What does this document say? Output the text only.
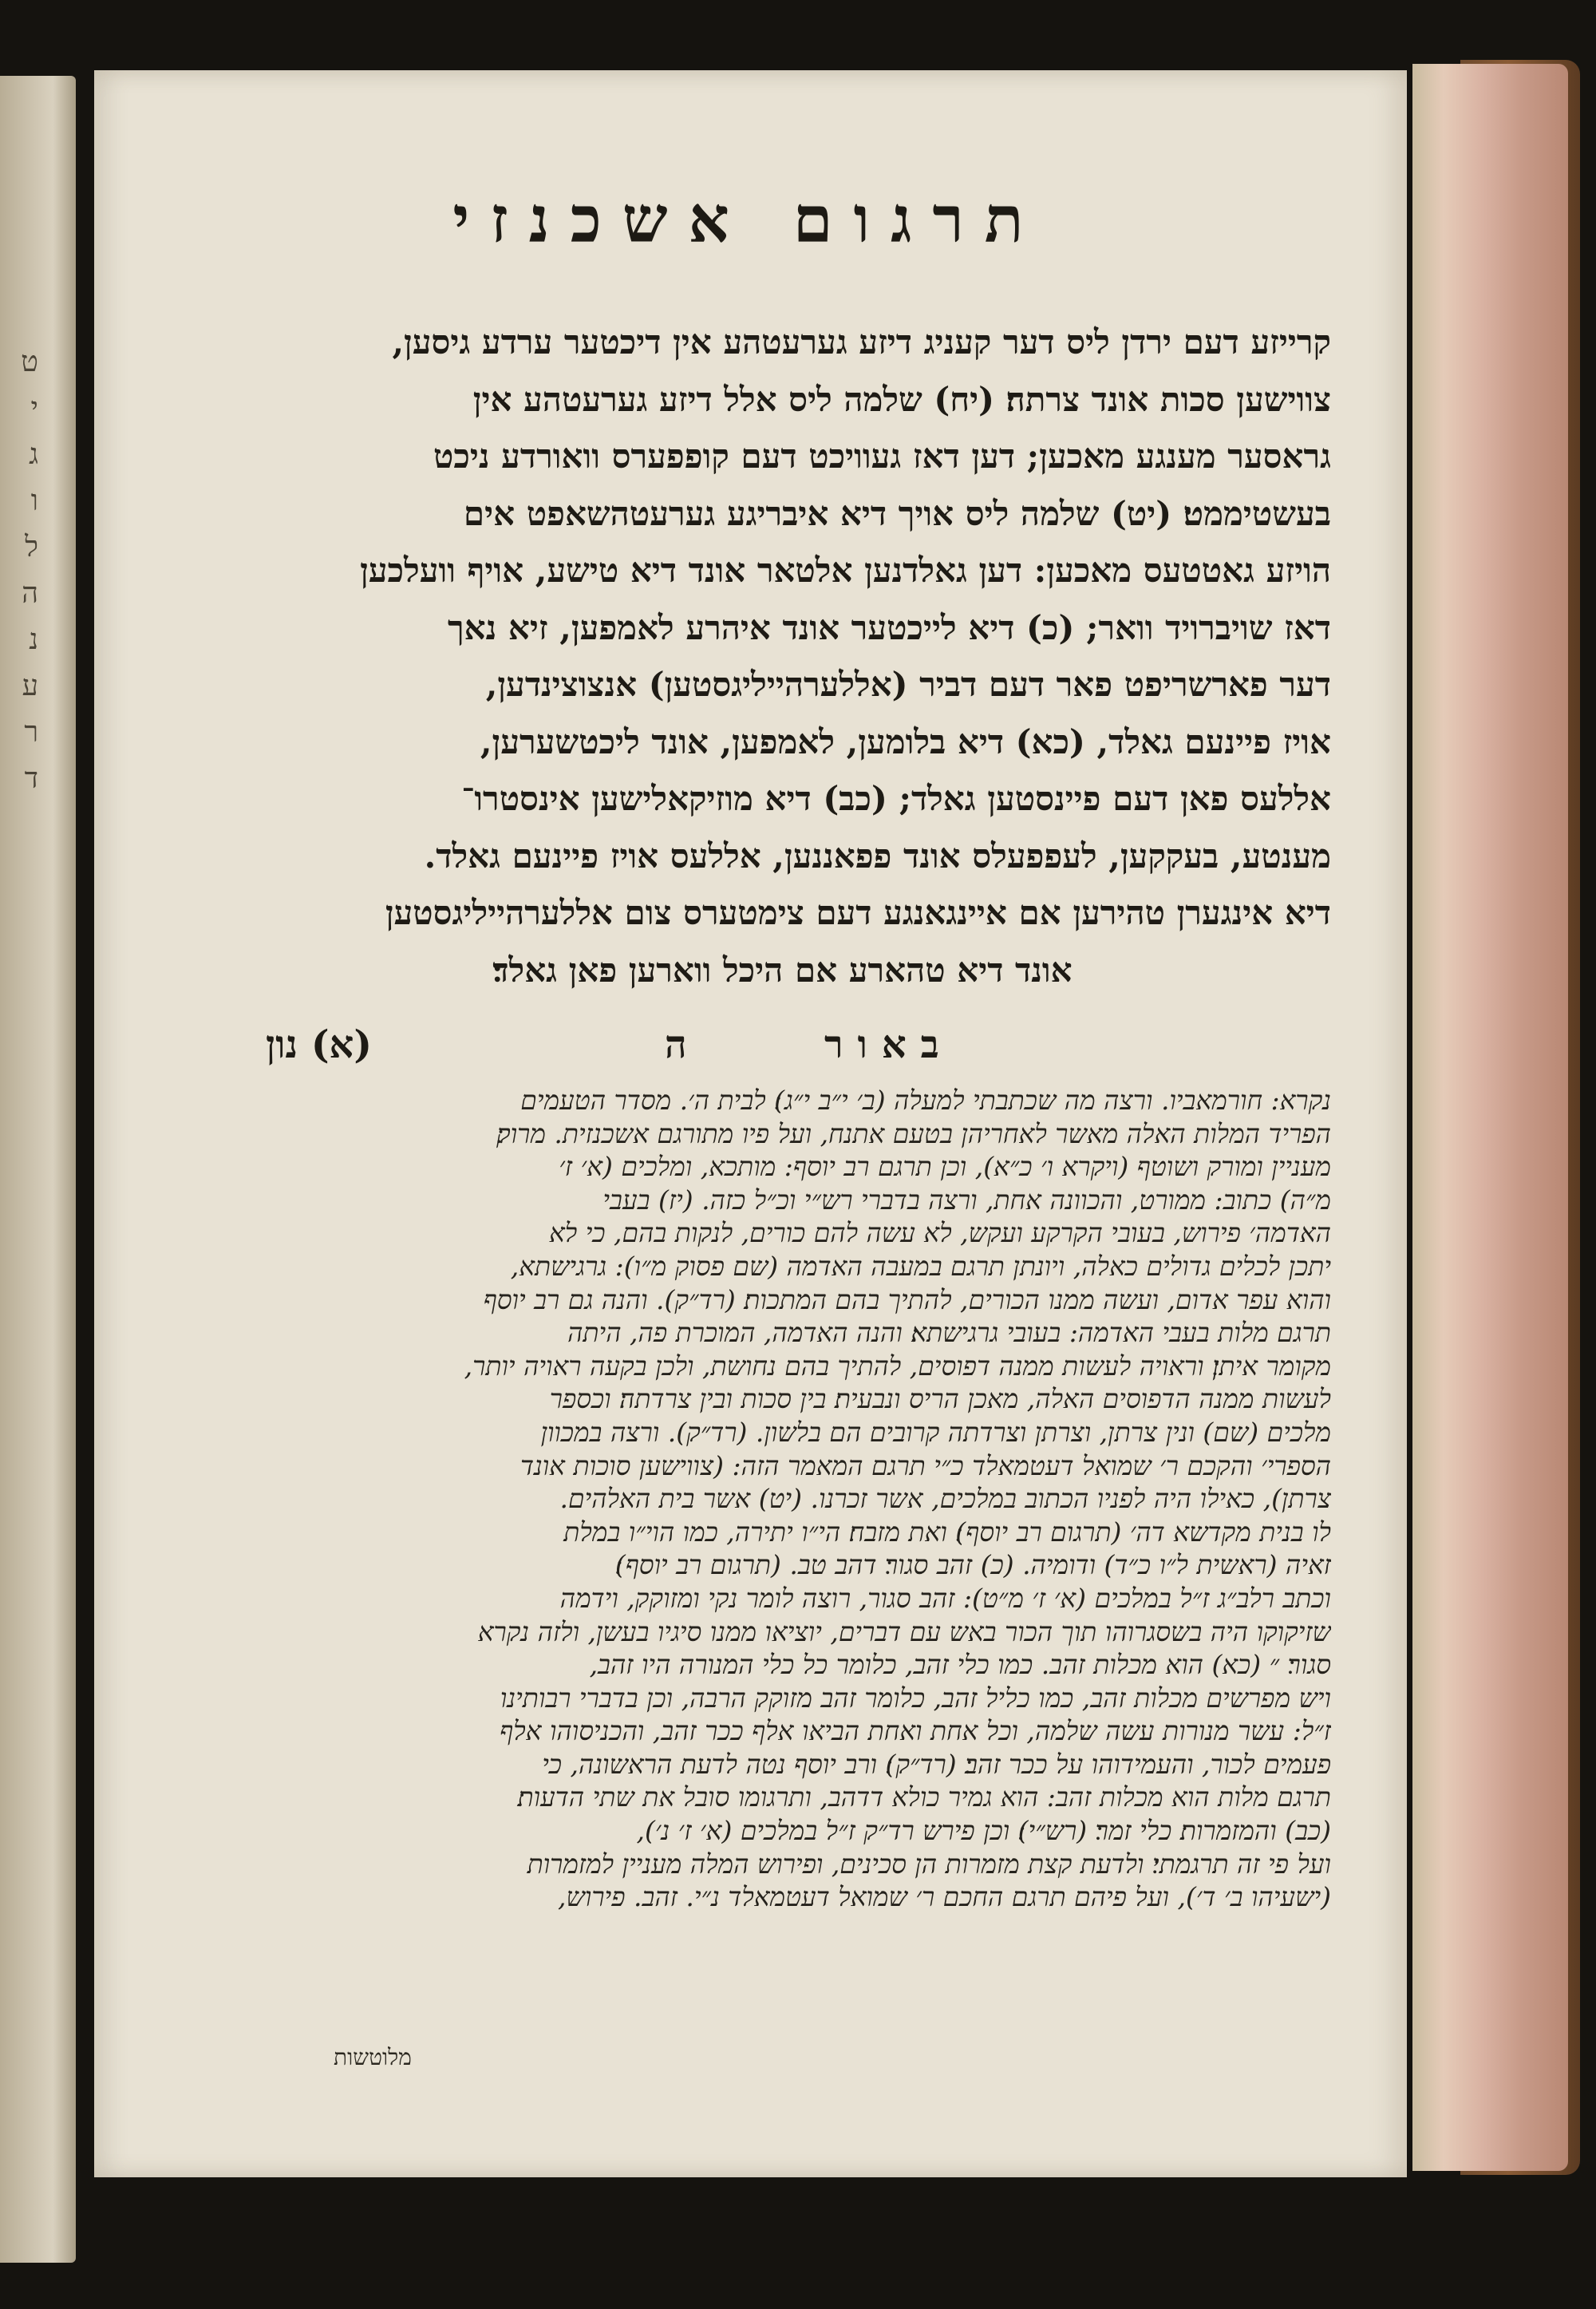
ט
י
ג
ו
ל
ה
נ
ע
ר
ד
תרגום אשכנזי
קרייזע דעם ירדן ליס דער קעניג דיזע גערעטהע אין דיכטער ערדע גיסען,
צווישען סכות אונד צרתה׃ (יח) שלמה ליס אלל דיזע גערעטהע אין
גראסער מענגע מאכען; דען דאז געוויכט דעם קופפערס וואורדע ניכט
בעשטיממט׃ (יט) שלמה ליס אויך דיא איבריגע גערעטהשאפט אים
הויזע גאטטעס מאכען: דען גאלדנען אלטאר אונד דיא טישע, אויף וועלכען
דאז שויברויד וואר; (כ) דיא לייכטער אונד איהרע לאמפען, זיא נאך
דער פארשריפט פאר דעם דביר (אללערהייליגסטען) אנצוצינדען,
אויז פיינעם גאלד, (כא) דיא בלומען, לאמפען, אונד ליכטשערען,
אללעס פאן דעם פיינסטען גאלד; (כב) דיא מוזיקאלישען אינסטרו־
מענטע, בעקקען, לעפפעלס אונד פפאננען, אללעס אויז פיינעם גאלד.
דיא אינגערן טהירען אם איינגאנגע דעם צימטערס צום אללערהייליגסטען
אונד דיא טהארע אם היכל ווארען פאן גאלד׃
באור
ה
(א) נון
נקרא: חורמאביו. ורצה מה שכתבתי למעלה (ב׳ י״ב י״ג)׃ לבית ה׳. מסדר הטעמים
הפריד המלות האלה מאשר לאחריהן בטעם אתנח, ועל פיו מתורגם אשכנזית. מרוק׃
מעניין ומורק ושוטף (ויקרא ו׳ כ״א), וכן תרגם רב יוסף: מותכא, ומלכים (א׳ ז׳
מ״ה) כתוב: ממורט, והכוונה אחת, ורצה בדברי רש״י וכ״ל כזה. (יז) בעבי
האדמה׳ פירוש, בעובי הקרקע ועקש, לא עשה להם כורים, לנקות בהם, כי לא
יתכן לכלים גדולים כאלה, ויונתן תרגם במעבה האדמה (שם פסוק מ״ו): גרגישתא,
והוא עפר אדום, ועשה ממנו הכורים, להתיך בהם המתכות׃ (רד״ק). והנה גם רב יוסף
תרגם מלות בעבי האדמה: בעובי גרגישתא׃ והנה האדמה, המוכרת פה, היתה
מקומר איתן׃ וראויה לעשות ממנה דפוסים, להתיך בהם נחושת, ולכן בקעה ראויה יותר,
לעשות ממנה הדפוסים האלה, מאכן הריס ונבעית׃ בין סכות ובין צרדתה׃ וכספר
מלכים (שם) ונין צרתן, וצרתן וצרדתה קרובים הם בלשון. (רד״ק). ורצה במכוון
הספרי׳ והקכם ר׳ שמואל דעטמאלד כ״י תרגם המאמר הזה: (צווישען סוכות אונד
צרתן), כאילו היה לפניו הכתוב במלכים, אשר זכרנו. (יט) אשר בית האלהים.
לו בנית מקדשא דה׳ (תרגום רב יוסף)׃ ואת מזבח׃ הי״ו יתירה, כמו הוי״ו במלת
זאיה (ראשית ל״ו כ״ד) ודומיה. (כ) זהב סגור׃ דהב טב. (תרגום רב יוסף)׃
וכתב רלב״ג ז״ל במלכים (א׳ ז׳ מ״ט): זהב סגור, רוצה לומר נקי ומזוקק, וידמה
שזיקוקו היה בשסגרוהו תוך הכור באש עם דברים, יוציאו ממנו סיגיו בעשן, ולזה נקרא
סגור׃ ״ (כא) הוא מכלות זהב. כמו כלי זהב, כלומר כל כלי המנורה היו זהב,
ויש מפרשים מכלות זהב, כמו כליל זהב, כלומר זהב מזוקק הרבה, וכן בדברי רבותינו
ז״ל: עשר מנורות עשה שלמה, וכל אחת ואחת הביאו אלף ככר זהב, והכניסוהו אלף
פעמים לכור, והעמידוהו על ככר זהב׃ (רד״ק)׃ ורב יוסף נטה לדעת הראשונה, כי
תרגם מלות הוא מכלות זהב: הוא גמיר כולא דדהב, ותרגומו סובל את שתי הדעות׃
(כב) והמזמרות׃ כלי זמר׃ (רש״י)׃ וכן פירש רד״ק ז״ל במלכים (א׳ ז׳ נ׳),
ועל פי זה תרגמתי׃ ולדעת קצת מזמרות הן סכינים, ופירוש המלה מעניין למזמרות
(ישעיהו ב׳ ד׳), ועל פיהם תרגם החכם ר׳ שמואל דעטמאלד נ״י. זהב. פירוש,
מלוטשות
